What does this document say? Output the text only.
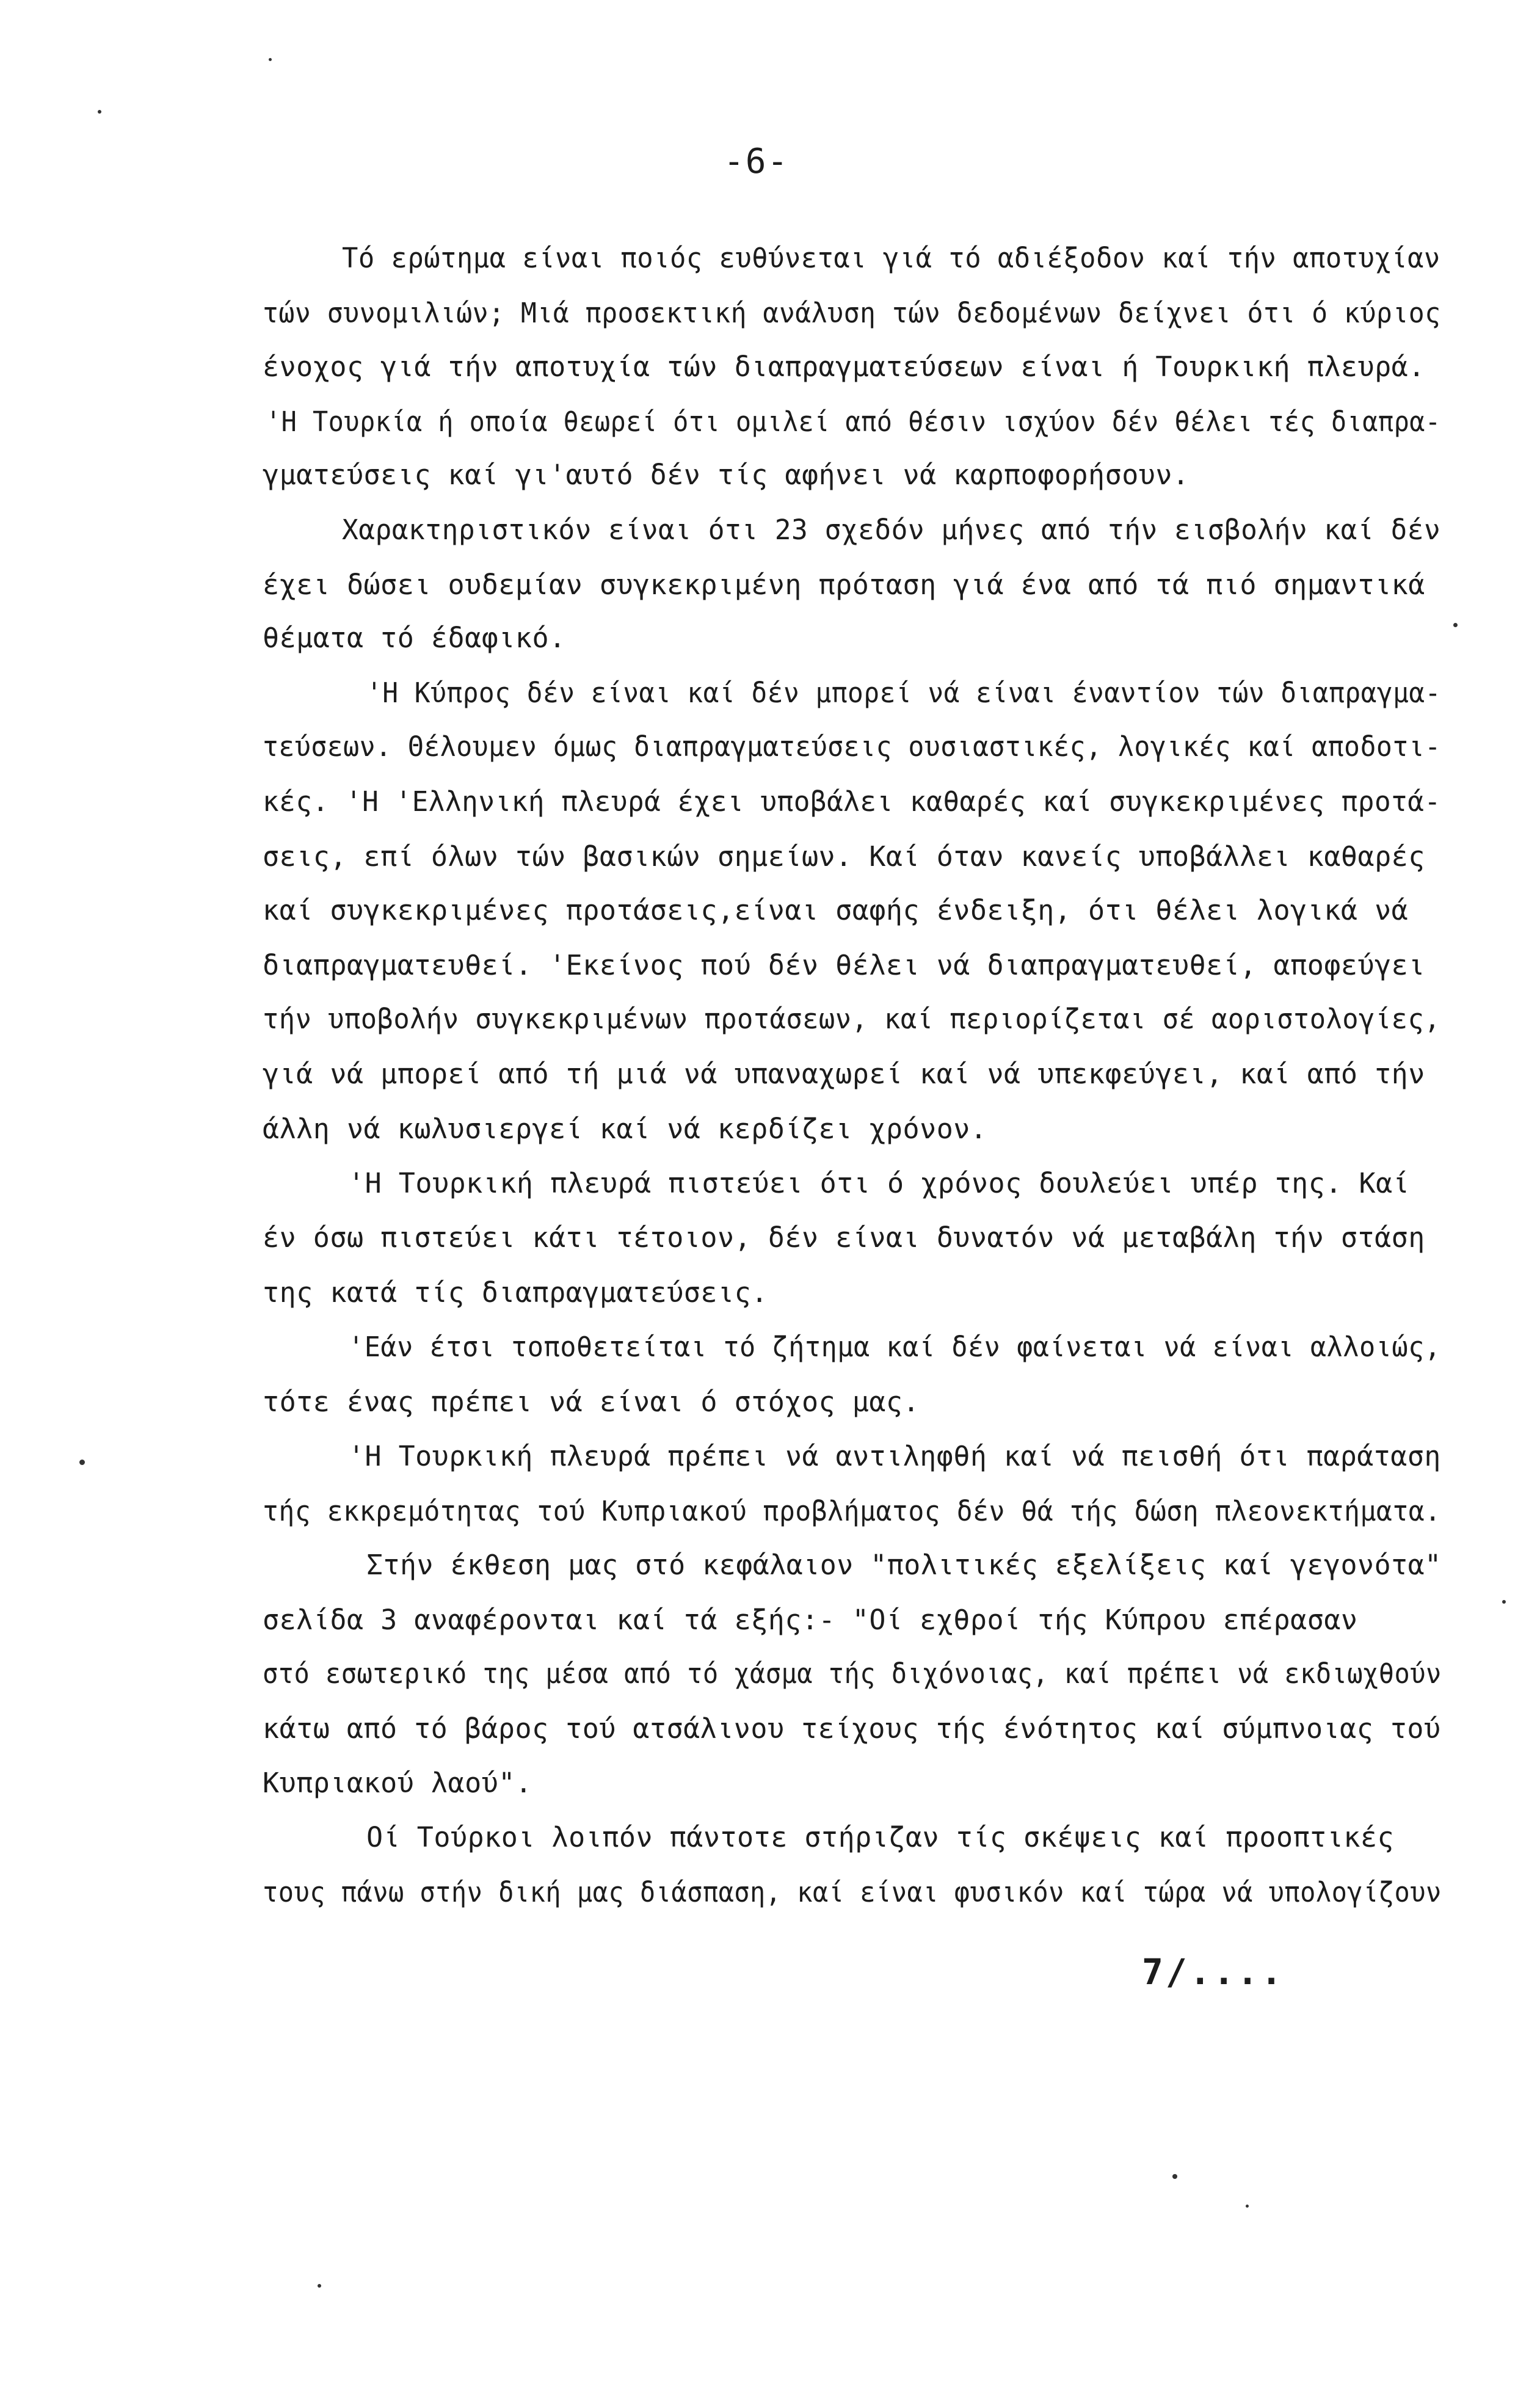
-6-
Τό ερώτημα είναι ποιός ευθύνεται γιά τό αδιέξοδον καί τήν αποτυχίαν
τών συνομιλιών; Μιά προσεκτική ανάλυση τών δεδομένων δείχνει ότι ό κύριος
ένοχος γιά τήν αποτυχία τών διαπραγματεύσεων είναι ή Τουρκική πλευρά.
'Η Τουρκία ή οποία θεωρεί ότι ομιλεί από θέσιν ισχύον δέν θέλει τές διαπρα-
γματεύσεις καί γι'αυτό δέν τίς αφήνει νά καρποφορήσουν.
Χαρακτηριστικόν είναι ότι 23 σχεδόν μήνες από τήν εισβολήν καί δέν
έχει δώσει ουδεμίαν συγκεκριμένη πρόταση γιά ένα από τά πιό σημαντικά
θέματα τό έδαφικό.
'Η Κύπρος δέν είναι καί δέν μπορεί νά είναι έναντίον τών διαπραγμα-
τεύσεων. Θέλουμεν όμως διαπραγματεύσεις ουσιαστικές, λογικές καί αποδοτι-
κές. 'Η 'Ελληνική πλευρά έχει υποβάλει καθαρές καί συγκεκριμένες προτά-
σεις, επί όλων τών βασικών σημείων. Καί όταν κανείς υποβάλλει καθαρές
καί συγκεκριμένες προτάσεις,είναι σαφής ένδειξη, ότι θέλει λογικά νά
διαπραγματευθεί. 'Εκείνος πού δέν θέλει νά διαπραγματευθεί, αποφεύγει
τήν υποβολήν συγκεκριμένων προτάσεων, καί περιορίζεται σέ αοριστολογίες,
γιά νά μπορεί από τή μιά νά υπαναχωρεί καί νά υπεκφεύγει, καί από τήν
άλλη νά κωλυσιεργεί καί νά κερδίζει χρόνον.
'Η Τουρκική πλευρά πιστεύει ότι ό χρόνος δουλεύει υπέρ της. Καί
έν όσω πιστεύει κάτι τέτοιον, δέν είναι δυνατόν νά μεταβάλη τήν στάση
της κατά τίς διαπραγματεύσεις.
'Εάν έτσι τοποθετείται τό ζήτημα καί δέν φαίνεται νά είναι αλλοιώς,
τότε ένας πρέπει νά είναι ό στόχος μας.
'Η Τουρκική πλευρά πρέπει νά αντιληφθή καί νά πεισθή ότι παράταση
τής εκκρεμότητας τού Κυπριακού προβλήματος δέν θά τής δώση πλεονεκτήματα.
Στήν έκθεση μας στό κεφάλαιον "πολιτικές εξελίξεις καί γεγονότα"
σελίδα 3 αναφέρονται καί τά εξής:- "Οί εχθροί τής Κύπρου επέρασαν
στό εσωτερικό της μέσα από τό χάσμα τής διχόνοιας, καί πρέπει νά εκδιωχθούν
κάτω από τό βάρος τού ατσάλινου τείχους τής ένότητος καί σύμπνοιας τού
Κυπριακού λαού".
Οί Τούρκοι λοιπόν πάντοτε στήριζαν τίς σκέψεις καί προοπτικές
τους πάνω στήν δική μας διάσπαση, καί είναι φυσικόν καί τώρα νά υπολογίζουν
7/....
